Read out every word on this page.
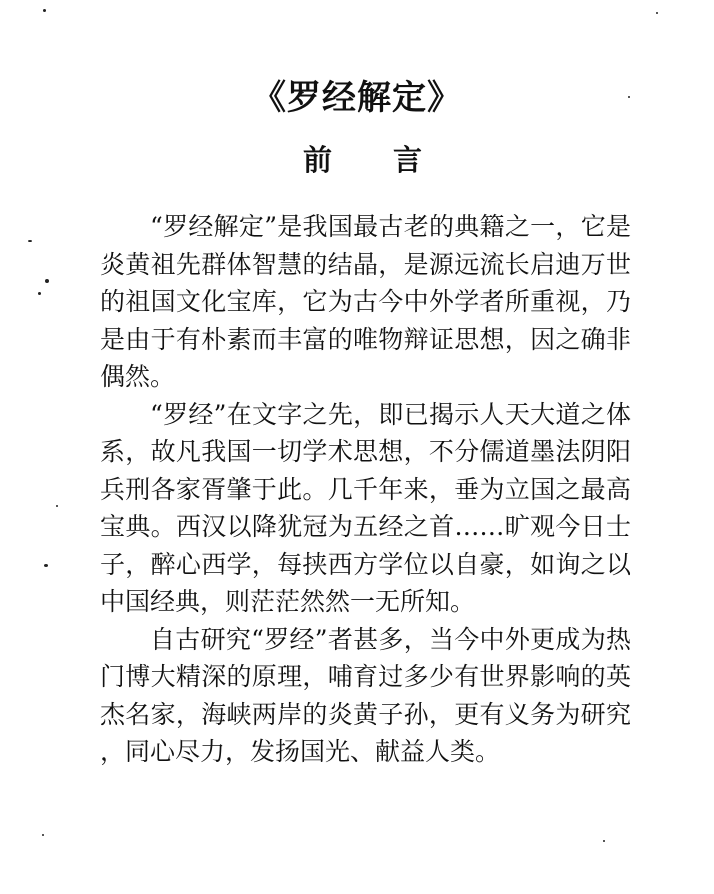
《罗经解定》
前 言

“罗经解定”是我国最古老的典籍之一，它是炎黄祖先群体智慧的结晶，是源远流长启迪万世的祖国文化宝库，它为古今中外学者所重视，乃是由于有朴素而丰富的唯物辩证思想，因之确非偶然。

“罗经”在文字之先，即已揭示人天大道之体系，故凡我国一切学术思想，不分儒道墨法阴阳兵刑各家胥肇于此。几千年来，垂为立国之最高宝典。西汉以降犹冠为五经之首……旷观今日士子，醉心西学，每挟西方学位以自豪，如询之以中国经典，则茫茫然然一无所知。

自古研究“罗经”者甚多，当今中外更成为热门博大精深的原理，哺育过多少有世界影响的英杰名家，海峡两岸的炎黄子孙，更有义务为研究，同心尽力，发扬国光、献益人类。
